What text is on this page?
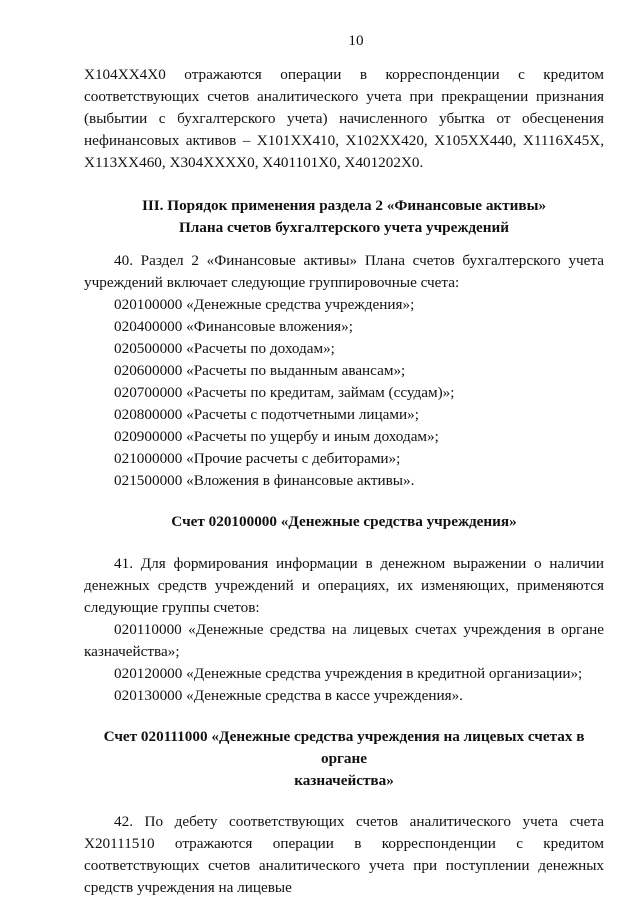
10

Х104ХХ4Х0 отражаются операции в корреспонденции с кредитом соответствующих счетов аналитического учета при прекращении признания (выбытии с бухгалтерского учета) начисленного убытка от обесценения нефинансовых активов – Х101ХХ410, Х102ХХ420, Х105ХХ440, Х1116Х45Х, Х113ХХ460, Х304ХХХХ0, Х401101Х0, Х401202Х0.

III. Порядок применения раздела 2 «Финансовые активы»
Плана счетов бухгалтерского учета учреждений

40. Раздел 2 «Финансовые активы» Плана счетов бухгалтерского учета учреждений включает следующие группировочные счета:

020100000 «Денежные средства учреждения»;

020400000 «Финансовые вложения»;

020500000 «Расчеты по доходам»;

020600000 «Расчеты по выданным авансам»;

020700000 «Расчеты по кредитам, займам (ссудам)»;

020800000 «Расчеты с подотчетными лицами»;

020900000 «Расчеты по ущербу и иным доходам»;

021000000 «Прочие расчеты с дебиторами»;

021500000 «Вложения в финансовые активы».

Счет 020100000 «Денежные средства учреждения»

41. Для формирования информации в денежном выражении о наличии денежных средств учреждений и операциях, их изменяющих, применяются следующие группы счетов:

020110000 «Денежные средства на лицевых счетах учреждения в органе казначейства»;

020120000 «Денежные средства учреждения в кредитной организации»;

020130000 «Денежные средства в кассе учреждения».

Счет 020111000 «Денежные средства учреждения на лицевых счетах в органе
казначейства»

42. По дебету соответствующих счетов аналитического учета счета Х20111510 отражаются операции в корреспонденции с кредитом соответствующих счетов аналитического учета при поступлении денежных средств учреждения на лицевые
